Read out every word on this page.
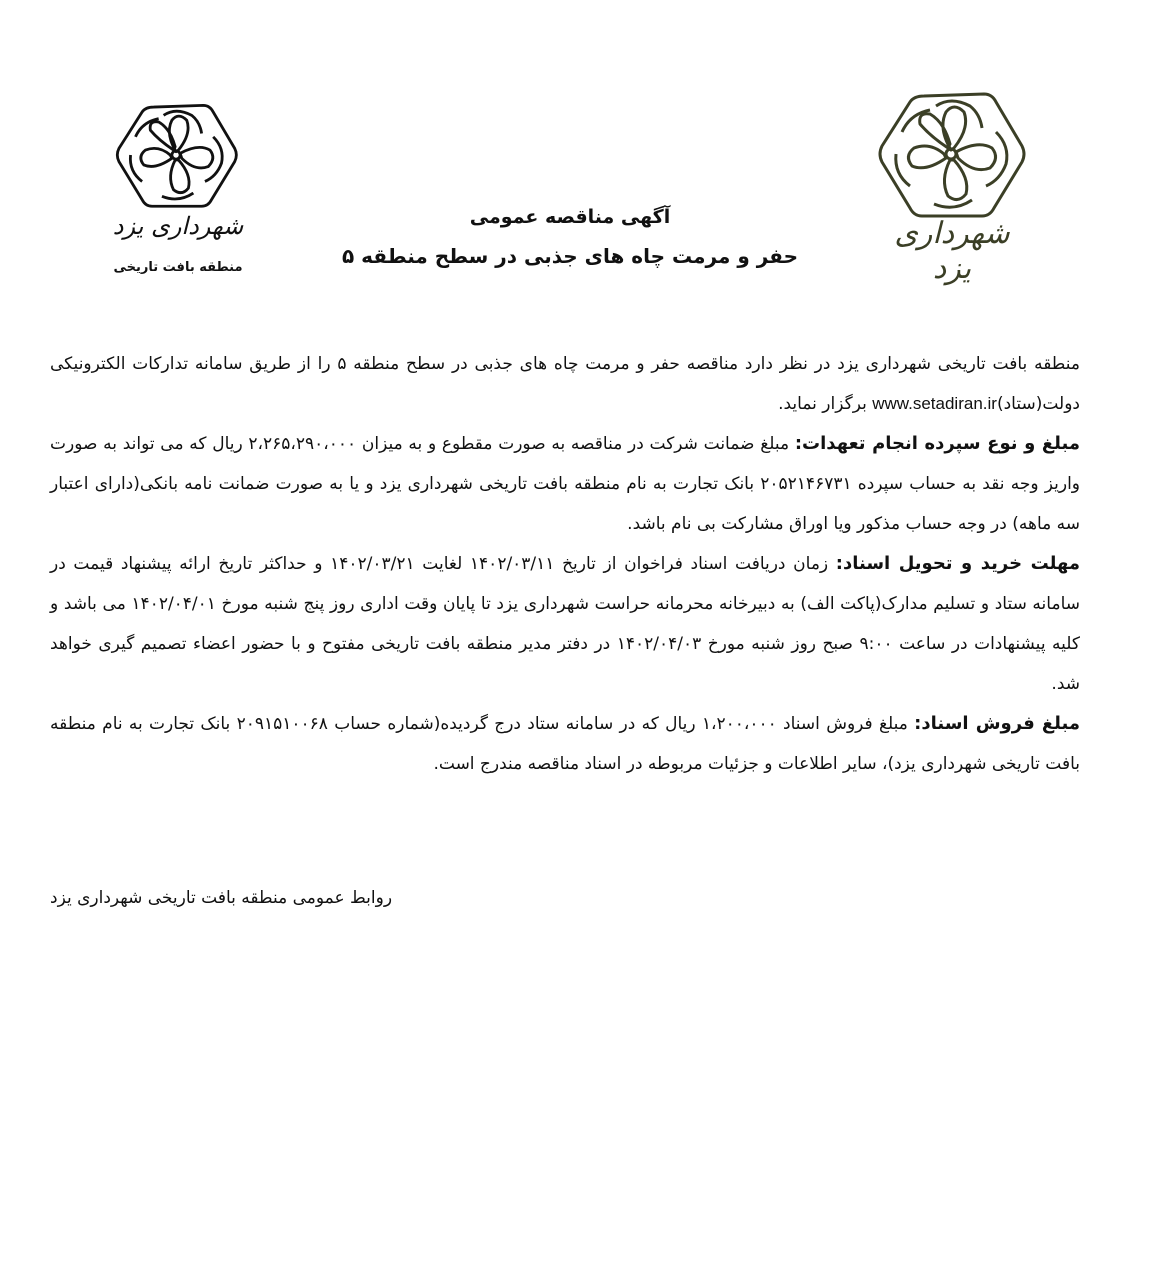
شهرداری یزد
شهرداری یزد
منطقه بافت تاریخی
آگهی مناقصه عمومی
حفر و مرمت چاه های جذبی در سطح منطقه ۵

منطقه بافت تاریخی شهرداری یزد در نظر دارد مناقصه حفر و مرمت چاه های جذبی در سطح منطقه ۵ را از طریق سامانه تدارکات الکترونیکی دولت(ستاد)www.setadiran.ir برگزار نماید.

مبلغ و نوع سپرده انجام تعهدات: مبلغ ضمانت شرکت در مناقصه به صورت مقطوع و به میزان ۲،۲۶۵،۲۹۰،۰۰۰ ریال که می تواند به صورت واریز وجه نقد به حساب سپرده ۲۰۵۲۱۴۶۷۳۱ بانک تجارت به نام منطقه بافت تاریخی شهرداری یزد و یا به صورت ضمانت نامه بانکی(دارای اعتبار سه ماهه) در وجه حساب مذکور ویا اوراق مشارکت بی نام باشد.

مهلت خرید و تحویل اسناد: زمان دریافت اسناد فراخوان از تاریخ ۱۴۰۲/۰۳/۱۱ لغایت ۱۴۰۲/۰۳/۲۱ و حداکثر تاریخ ارائه پیشنهاد قیمت در سامانه ستاد و تسلیم مدارک(پاکت الف) به دبیرخانه محرمانه حراست شهرداری یزد تا پایان وقت اداری روز پنج شنبه مورخ ۱۴۰۲/۰۴/۰۱ می باشد و کلیه پیشنهادات در ساعت ۹:۰۰ صبح روز شنبه مورخ ۱۴۰۲/۰۴/۰۳ در دفتر مدیر منطقه بافت تاریخی مفتوح و با حضور اعضاء تصمیم گیری خواهد شد.

مبلغ فروش اسناد: مبلغ فروش اسناد ۱،۲۰۰،۰۰۰ ریال که در سامانه ستاد درج گردیده(شماره حساب ۲۰۹۱۵۱۰۰۶۸ بانک تجارت به نام منطقه بافت تاریخی شهرداری یزد)، سایر اطلاعات و جزئیات مربوطه در اسناد مناقصه مندرج است.

روابط عمومی منطقه بافت تاریخی شهرداری یزد
